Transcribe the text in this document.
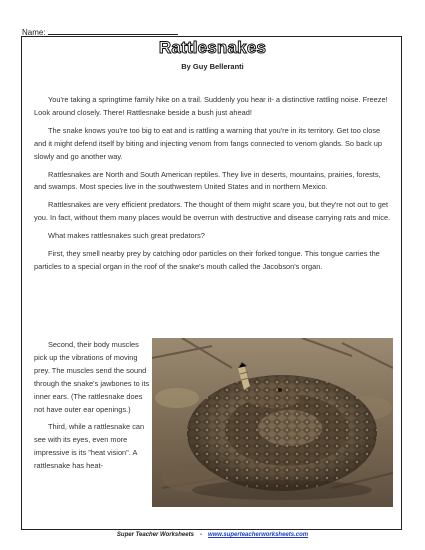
Name:
Rattlesnakes
By Guy Belleranti

You're taking a springtime family hike on a trail. Suddenly you hear it- a distinctive rattling noise. Freeze! Look around closely. There! Rattlesnake beside a bush just ahead!

The snake knows you're too big to eat and is rattling a warning that you're in its territory. Get too close and it might defend itself by biting and injecting venom from fangs connected to venom glands. So back up slowly and go another way.

Rattlesnakes are North and South American reptiles. They live in deserts, mountains, prairies, forests, and swamps. Most species live in the southwestern United States and in northern Mexico.

Rattlesnakes are very efficient predators. The thought of them might scare you, but they're not out to get you. In fact, without them many places would be overrun with destructive and disease carrying rats and mice.

What makes rattlesnakes such great predators?

First, they smell nearby prey by catching odor particles on their forked tongue. This tongue carries the particles to a special organ in the roof of the snake's mouth called the Jacobson's organ.

Second, their body muscles pick up the vibrations of moving prey. The muscles send the sound through the snake's jawbones to its inner ears. (The rattlesnake does not have outer ear openings.)

Third, while a rattlesnake can see with its eyes, even more impressive is its "heat vision". A rattlesnake has heat-

Super Teacher Worksheets - www.superteacherworksheets.com
